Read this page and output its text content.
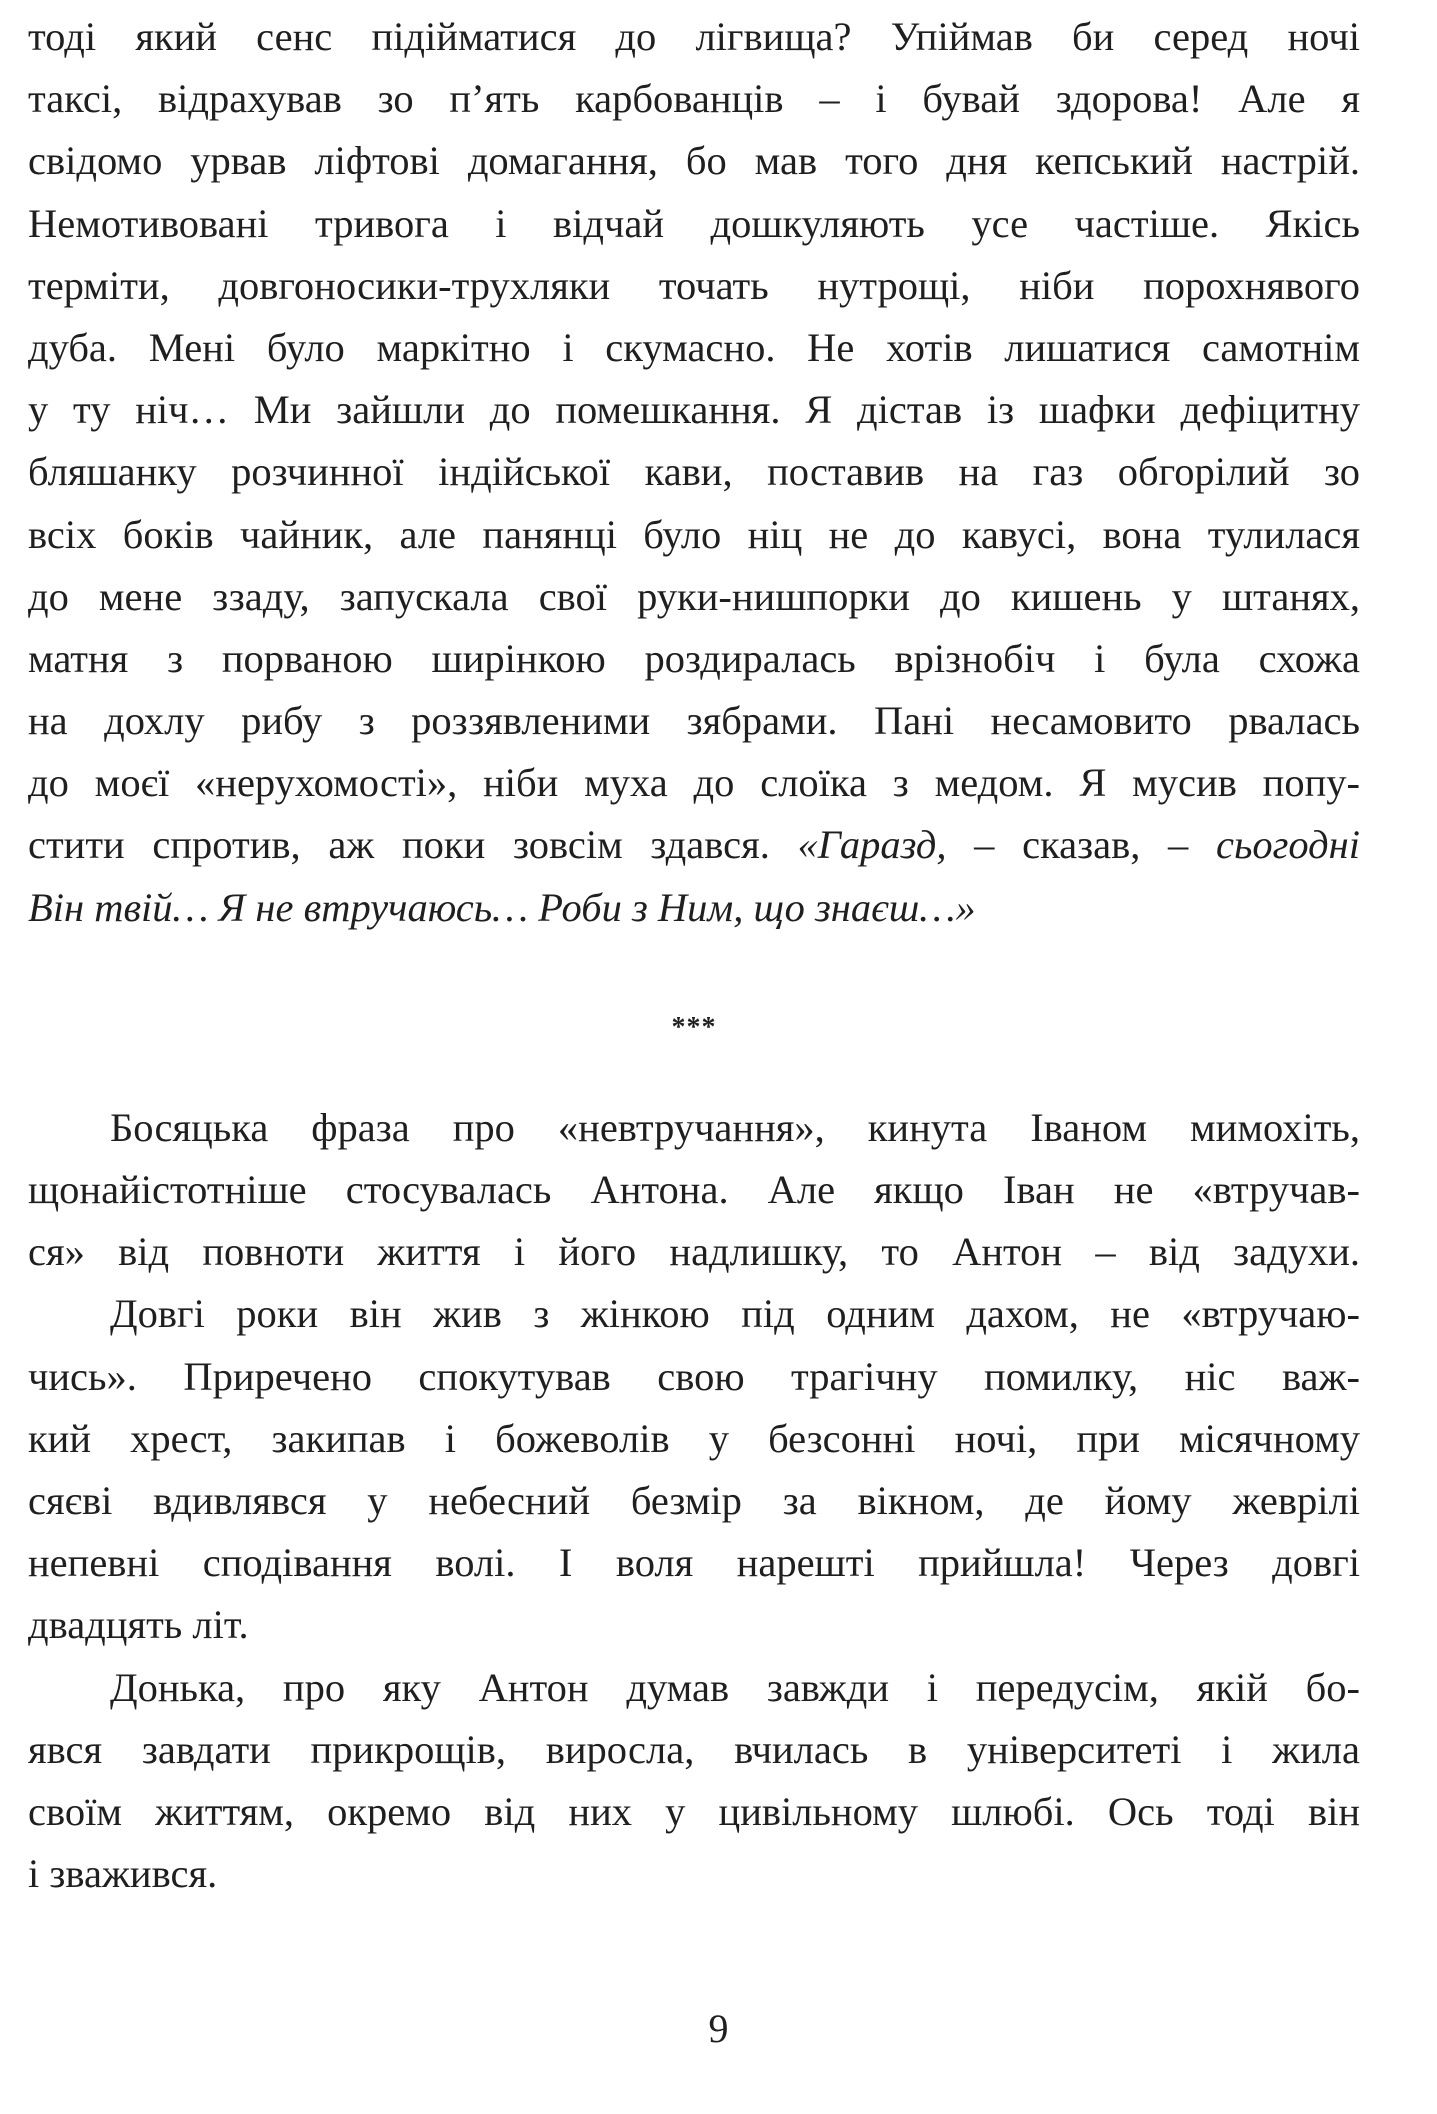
тоді який сенс підійматися до лігвища? Упіймав би серед ночі
таксі, відрахував зо п’ять карбованців – і бувай здорова! Але я
свідомо урвав ліфтові домагання, бо мав того дня кепський настрій.
Немотивовані тривога і відчай дошкуляють усе частіше. Якісь
терміти, довгоносики-трухляки точать нутрощі, ніби порохнявого
дуба. Мені було маркітно і скумасно. Не хотів лишатися самотнім
у ту ніч… Ми зайшли до помешкання. Я дістав із шафки дефіцитну
бляшанку розчинної індійської кави, поставив на газ обгорілий зо
всіх боків чайник, але панянці було ніц не до кавусі, вона тулилася
до мене ззаду, запускала свої руки-нишпорки до кишень у штанях,
матня з порваною ширінкою роздиралась врізнобіч і була схожа
на дохлу рибу з роззявленими зябрами. Пані несамовито рвалась
до моєї «нерухомості», ніби муха до слоїка з медом. Я мусив попу-
стити спротив, аж поки зовсім здався. «Гаразд, – сказав, – сьогодні
Він твій… Я не втручаюсь… Роби з Ним, що знаєш…»
***
Босяцька фраза про «невтручання», кинута Іваном мимохіть,
щонайістотніше стосувалась Антона. Але якщо Іван не «втручав-
ся» від повноти життя і його надлишку, то Антон – від задухи.
Довгі роки він жив з жінкою під одним дахом, не «втручаю-
чись». Приречено спокутував свою трагічну помилку, ніс важ-
кий хрест, закипав і божеволів у безсонні ночі, при місячному
сяєві вдивлявся у небесний безмір за вікном, де йому жеврілі
непевні сподівання волі. І воля нарешті прийшла! Через довгі
двадцять літ.
Донька, про яку Антон думав завжди і передусім, якій бо-
явся завдати прикрощів, виросла, вчилась в університеті і жила
своїм життям, окремо від них у цивільному шлюбі. Ось тоді він
і зважився.
9
